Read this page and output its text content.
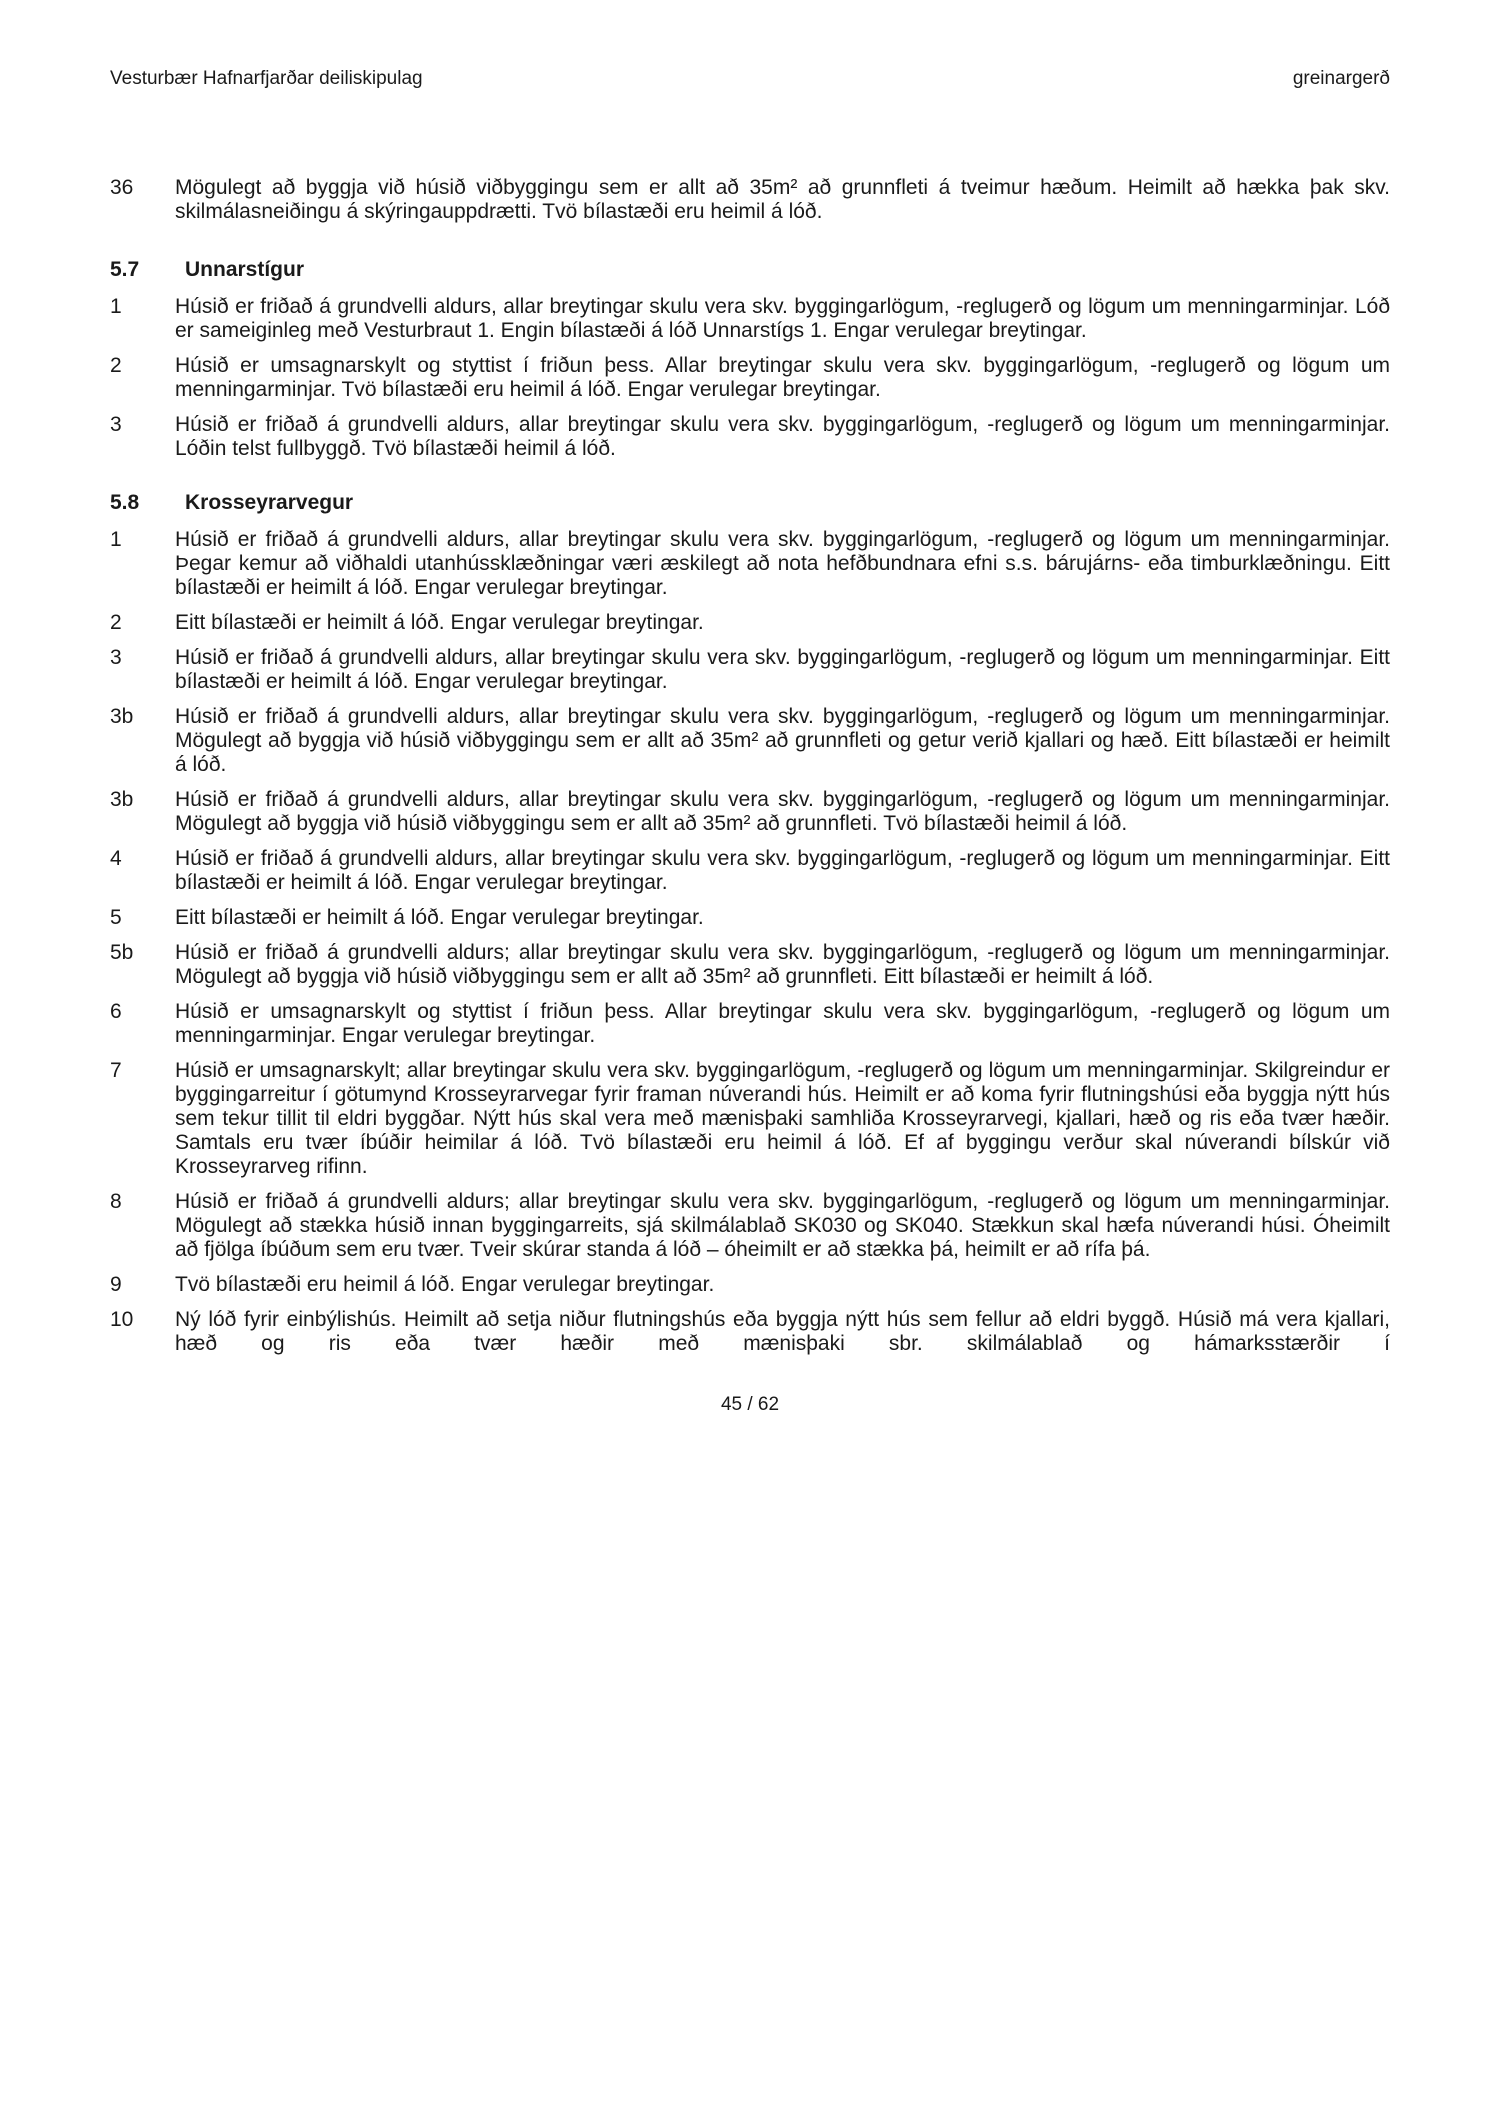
Vesturbær Hafnarfjarðar deiliskipulag	greinargerð
36	Mögulegt að byggja við húsið viðbyggingu sem er allt að 35m² að grunnfleti á tveimur hæðum. Heimilt að hækka þak skv. skilmálasneiðingu á skýringauppdrætti. Tvö bílastæði eru heimil á lóð.
5.7	Unnarstígur
1	Húsið er friðað á grundvelli aldurs, allar breytingar skulu vera skv. byggingarlögum, -reglugerð og lögum um menningarminjar. Lóð er sameiginleg með Vesturbraut 1. Engin bílastæði á lóð Unnarstígs 1. Engar verulegar breytingar.
2	Húsið er umsagnarskylt og styttist í friðun þess. Allar breytingar skulu vera skv. byggingarlögum, -reglugerð og lögum um menningarminjar. Tvö bílastæði eru heimil á lóð. Engar verulegar breytingar.
3	Húsið er friðað á grundvelli aldurs, allar breytingar skulu vera skv. byggingarlögum, -reglugerð og lögum um menningarminjar. Lóðin telst fullbyggð. Tvö bílastæði heimil á lóð.
5.8	Krosseyrarvegur
1	Húsið er friðað á grundvelli aldurs, allar breytingar skulu vera skv. byggingarlögum, -reglugerð og lögum um menningarminjar. Þegar kemur að viðhaldi utanhússklæðningar væri æskilegt að nota hefðbundnara efni s.s. bárujárns- eða timburklæðningu. Eitt bílastæði er heimilt á lóð. Engar verulegar breytingar.
2	Eitt bílastæði er heimilt á lóð. Engar verulegar breytingar.
3	Húsið er friðað á grundvelli aldurs, allar breytingar skulu vera skv. byggingarlögum, -reglugerð og lögum um menningarminjar. Eitt bílastæði er heimilt á lóð. Engar verulegar breytingar.
3b	Húsið er friðað á grundvelli aldurs, allar breytingar skulu vera skv. byggingarlögum, -reglugerð og lögum um menningarminjar. Mögulegt að byggja við húsið viðbyggingu sem er allt að 35m² að grunnfleti og getur verið kjallari og hæð. Eitt bílastæði er heimilt á lóð.
3b	Húsið er friðað á grundvelli aldurs, allar breytingar skulu vera skv. byggingarlögum, -reglugerð og lögum um menningarminjar. Mögulegt að byggja við húsið viðbyggingu sem er allt að 35m² að grunnfleti. Tvö bílastæði heimil á lóð.
4	Húsið er friðað á grundvelli aldurs, allar breytingar skulu vera skv. byggingarlögum, -reglugerð og lögum um menningarminjar. Eitt bílastæði er heimilt á lóð. Engar verulegar breytingar.
5	Eitt bílastæði er heimilt á lóð. Engar verulegar breytingar.
5b	Húsið er friðað á grundvelli aldurs; allar breytingar skulu vera skv. byggingarlögum, -reglugerð og lögum um menningarminjar. Mögulegt að byggja við húsið viðbyggingu sem er allt að 35m² að grunnfleti. Eitt bílastæði er heimilt á lóð.
6	Húsið er umsagnarskylt og styttist í friðun þess. Allar breytingar skulu vera skv. byggingarlögum, -reglugerð og lögum um menningarminjar. Engar verulegar breytingar.
7	Húsið er umsagnarskylt; allar breytingar skulu vera skv. byggingarlögum, -reglugerð og lögum um menningarminjar. Skilgreindur er byggingarreitur í götumynd Krosseyrarvegar fyrir framan núverandi hús. Heimilt er að koma fyrir flutningshúsi eða byggja nýtt hús sem tekur tillit til eldri byggðar. Nýtt hús skal vera með mænisþaki samhliða Krosseyrarvegi, kjallari, hæð og ris eða tvær hæðir. Samtals eru tvær íbúðir heimilar á lóð. Tvö bílastæði eru heimil á lóð. Ef af byggingu verður skal núverandi bílskúr við Krosseyrarveg rifinn.
8	Húsið er friðað á grundvelli aldurs; allar breytingar skulu vera skv. byggingarlögum, -reglugerð og lögum um menningarminjar. Mögulegt að stækka húsið innan byggingarreits, sjá skilmálablað SK030 og SK040. Stækkun skal hæfa núverandi húsi. Óheimilt að fjölga íbúðum sem eru tvær. Tveir skúrar standa á lóð – óheimilt er að stækka þá, heimilt er að rífa þá.
9	Tvö bílastæði eru heimil á lóð. Engar verulegar breytingar.
10	Ný lóð fyrir einbýlishús. Heimilt að setja niður flutningshús eða byggja nýtt hús sem fellur að eldri byggð. Húsið má vera kjallari, hæð og ris eða tvær hæðir með mænisþaki sbr. skilmálablað og hámarksstærðir í
45 / 62
